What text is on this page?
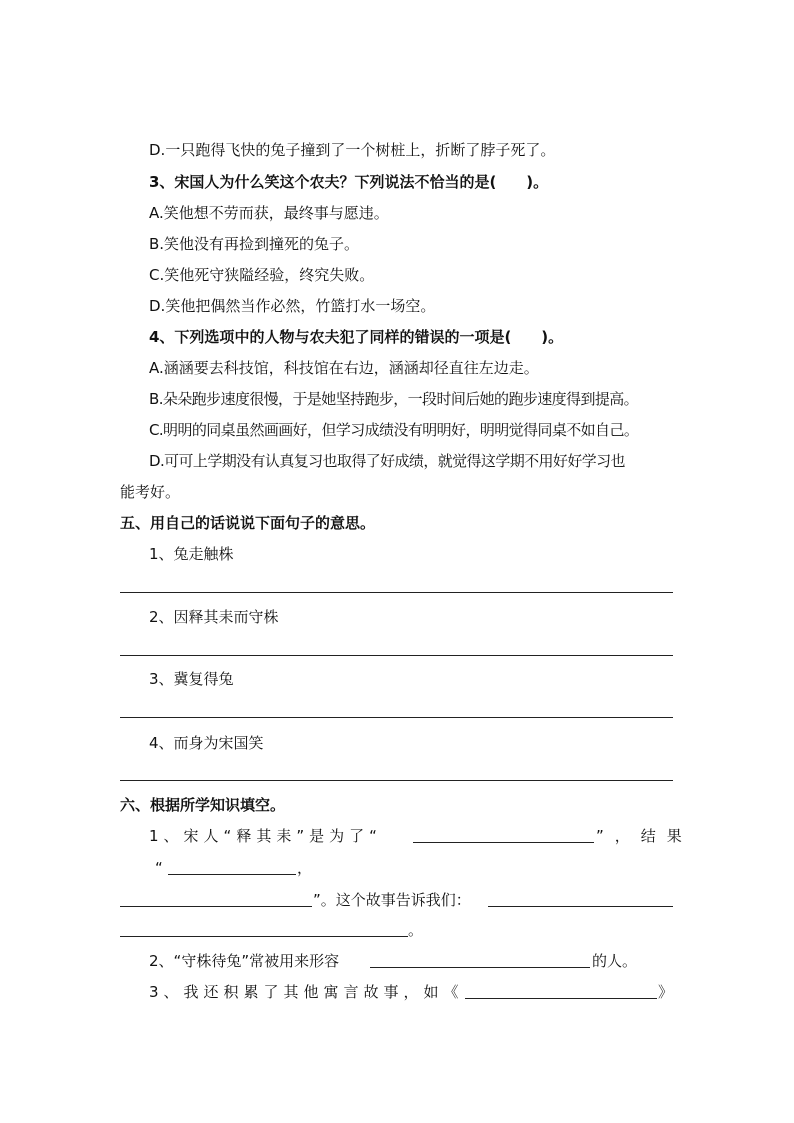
D.一只跑得飞快的兔子撞到了一个树桩上，折断了脖子死了。
3、宋国人为什么笑这个农夫？下列说法不恰当的是(　　)。
A.笑他想不劳而获，最终事与愿违。
B.笑他没有再捡到撞死的兔子。
C.笑他死守狭隘经验，终究失败。
D.笑他把偶然当作必然，竹篮打水一场空。
4、下列选项中的人物与农夫犯了同样的错误的一项是(　　)。
A.涵涵要去科技馆，科技馆在右边，涵涵却径直往左边走。
B.朵朵跑步速度很慢，于是她坚持跑步，一段时间后她的跑步速度得到提高。
C.明明的同桌虽然画画好，但学习成绩没有明明好，明明觉得同桌不如自己。
D.可可上学期没有认真复习也取得了好成绩，就觉得这学期不用好好学习也
能考好。
五、用自己的话说说下面句子的意思。
1、兔走触株
2、因释其耒而守株
3、冀复得兔
4、而身为宋国笑
六、根据所学知识填空。
1、宋人“释其耒”是为了“	”，结果
“	，
”。这个故事告诉我们：
。
2、“守株待兔”常被用来形容	的人。
3、我还积累了其他寓言故事，如《	》
